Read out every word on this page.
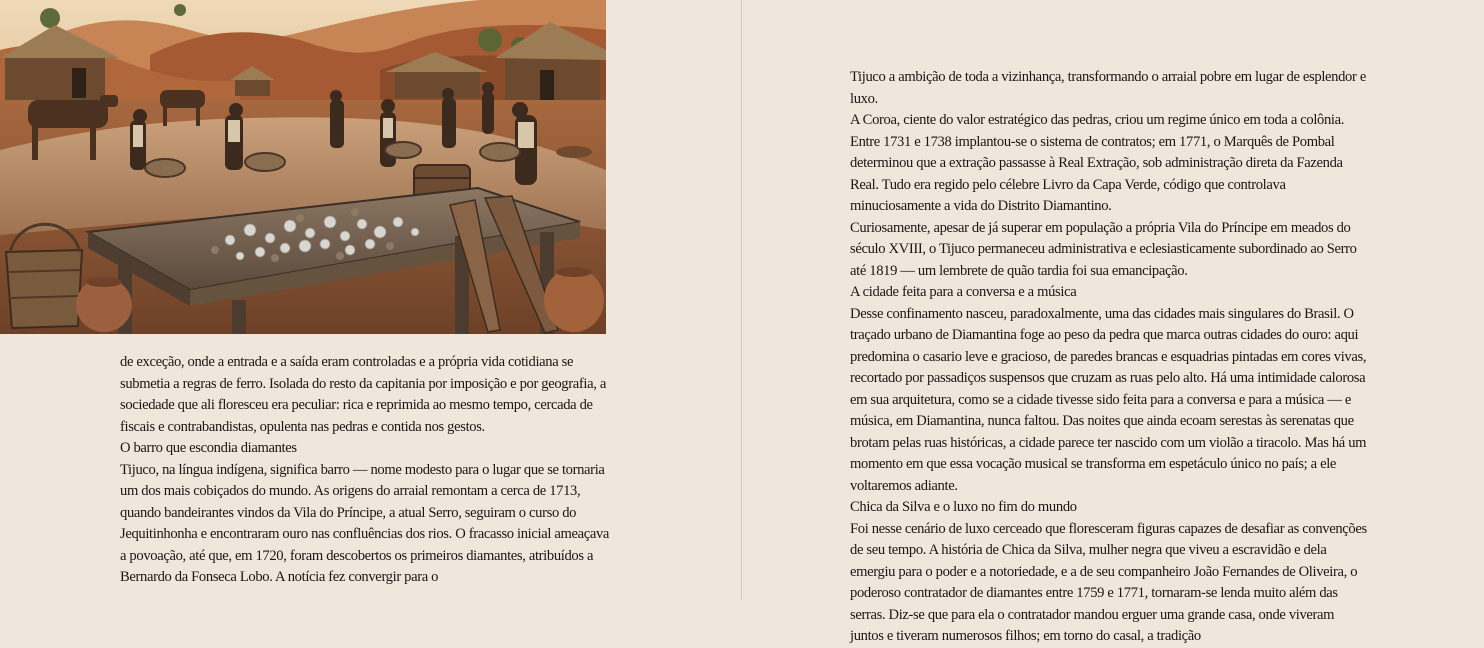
de exceção, onde a entrada e a saída eram controladas e a própria vida cotidiana se submetia a regras de ferro. Isolada do resto da capitania por imposição e por geografia, a sociedade que ali floresceu era peculiar: rica e reprimida ao mesmo tempo, cercada de fiscais e contrabandistas, opulenta nas pedras e contida nos gestos.

O barro que escondia diamantes

Tijuco, na língua indígena, significa barro — nome modesto para o lugar que se tornaria um dos mais cobiçados do mundo. As origens do arraial remontam a cerca de 1713, quando bandeirantes vindos da Vila do Príncipe, a atual Serro, seguiram o curso do Jequitinhonha e encontraram ouro nas confluências dos rios. O fracasso inicial ameaçava a povoação, até que, em 1720, foram descobertos os primeiros diamantes, atribuídos a Bernardo da Fonseca Lobo. A notícia fez convergir para o

Tijuco a ambição de toda a vizinhança, transformando o arraial pobre em lugar de esplendor e luxo.

A Coroa, ciente do valor estratégico das pedras, criou um regime único em toda a colônia. Entre 1731 e 1738 implantou-se o sistema de contratos; em 1771, o Marquês de Pombal determinou que a extração passasse à Real Extração, sob administração direta da Fazenda Real. Tudo era regido pelo célebre Livro da Capa Verde, código que controlava minuciosamente a vida do Distrito Diamantino.

Curiosamente, apesar de já superar em população a própria Vila do Príncipe em meados do século XVIII, o Tijuco permaneceu administrativa e eclesiasticamente subordinado ao Serro até 1819 — um lembrete de quão tardia foi sua emancipação.

A cidade feita para a conversa e a música

Desse confinamento nasceu, paradoxalmente, uma das cidades mais singulares do Brasil. O traçado urbano de Diamantina foge ao peso da pedra que marca outras cidades do ouro: aqui predomina o casario leve e gracioso, de paredes brancas e esquadrias pintadas em cores vivas, recortado por passadiços suspensos que cruzam as ruas pelo alto. Há uma intimidade calorosa em sua arquitetura, como se a cidade tivesse sido feita para a conversa e para a música — e música, em Diamantina, nunca faltou. Das noites que ainda ecoam serestas às serenatas que brotam pelas ruas históricas, a cidade parece ter nascido com um violão a tiracolo. Mas há um momento em que essa vocação musical se transforma em espetáculo único no país; a ele voltaremos adiante.

Chica da Silva e o luxo no fim do mundo

Foi nesse cenário de luxo cerceado que floresceram figuras capazes de desafiar as convenções de seu tempo. A história de Chica da Silva, mulher negra que viveu a escravidão e dela emergiu para o poder e a notoriedade, e a de seu companheiro João Fernandes de Oliveira, o poderoso contratador de diamantes entre 1759 e 1771, tornaram-se lenda muito além das serras. Diz-se que para ela o contratador mandou erguer uma grande casa, onde viveram juntos e tiveram numerosos filhos; em torno do casal, a tradição
